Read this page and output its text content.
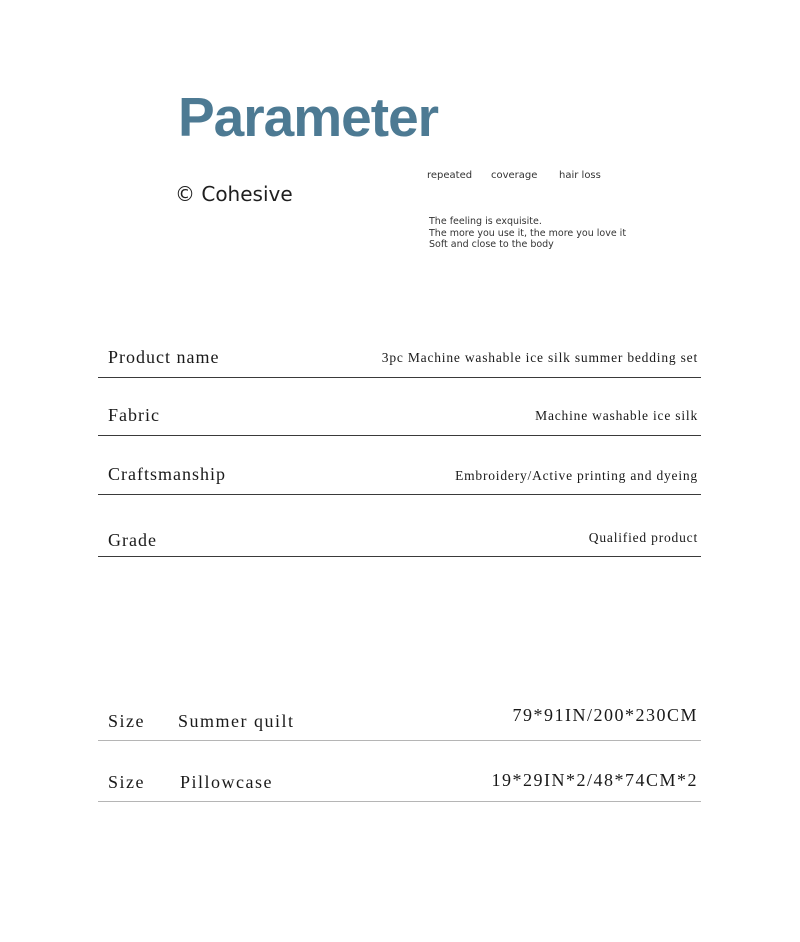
Parameter
© Cohesive
repeated coverage hair loss
The feeling is exquisite.
The more you use it, the more you love it
Soft and close to the body
Product name	3pc Machine washable ice silk summer bedding set
Fabric	Machine washable ice silk
Craftsmanship	Embroidery/Active printing and dyeing
Grade	Qualified product
Size Summer quilt	79*91IN/200*230CM
Size Pillowcase	19*29IN*2/48*74CM*2
